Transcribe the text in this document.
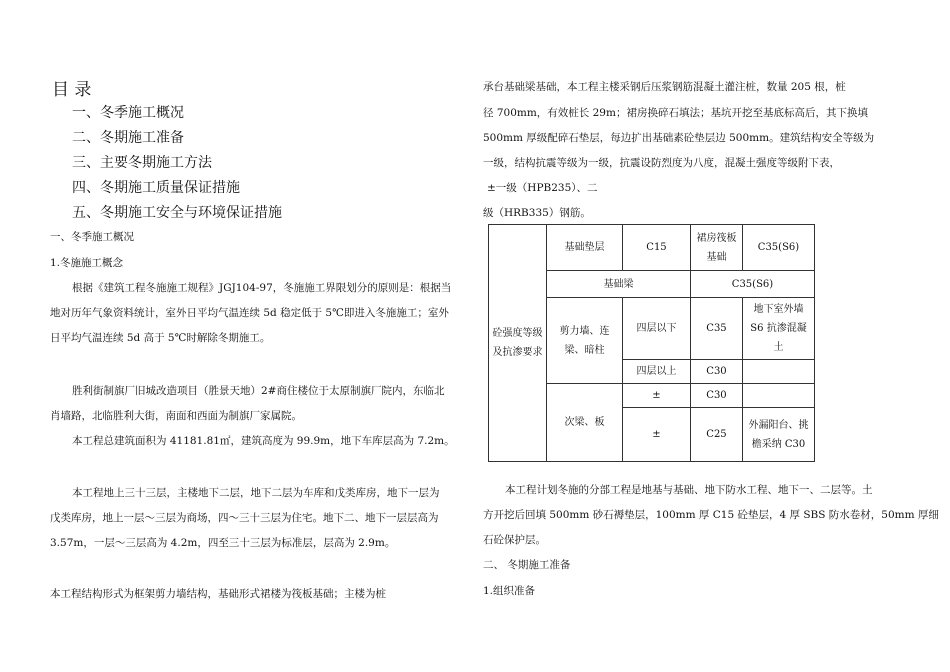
目 录
一、冬季施工概况
二、冬期施工准备
三、主要冬期施工方法
四、冬期施工质量保证措施
五、冬期施工安全与环境保证措施
一、冬季施工概况
1.冬施施工概念
根据《建筑工程冬施施工规程》JGJ104-97，冬施施工界限划分的原则是：根据当
地对历年气象资料统计，室外日平均气温连续 5d 稳定低于 5℃即进入冬施施工；室外
日平均气温连续 5d 高于 5℃时解除冬期施工。
胜利街制旗厂旧城改造项目（胜景天地）2#商住楼位于太原制旗厂院内，东临北
肖墙路，北临胜利大街，南面和西面为制旗厂家属院。
本工程总建筑面积为 41181.81㎡，建筑高度为 99.9m，地下车库层高为 7.2m。
本工程地上三十三层，主楼地下二层，地下二层为车库和戊类库房，地下一层为
戊类库房，地上一层～三层为商场，四～三十三层为住宅。地下二、地下一层层高为
3.57m，一层～三层高为 4.2m，四至三十三层为标准层，层高为 2.9m。
本工程结构形式为框架剪力墙结构，基础形式裙楼为筏板基础；主楼为桩
承台基础梁基础，本工程主楼采钢后压浆钢筋混凝土灌注桩，数量 205 根，桩
径 700mm，有效桩长 29m；裙房换碎石填法；基坑开挖至基底标高后，其下换填
500mm 厚级配碎石垫层，每边扩出基础素砼垫层边 500mm。建筑结构安全等级为
一级，结构抗震等级为一级，抗震设防烈度为八度，混凝土强度等级附下表，
±一级（HPB235）、二
级（HRB335）钢筋。
砼强度等级及抗渗要求	基础垫层	C15	裙房筏板基础	C35(S6)
	基础梁		C35(S6)	
	剪力墙、连梁、暗柱	四层以下	C35	地下室外墙 S6 抗渗混凝土
		四层以上	C30	
	次梁、板	±	C30	
		±	C25	外漏阳台、挑檐采纳 C30
本工程计划冬施的分部工程是地基与基础、地下防水工程、地下一、二层等。土
方开挖后回填 500mm 砂石褥垫层，100mm 厚 C15 砼垫层，4 厚 SBS 防水卷材，50mm 厚细
石砼保护层。
二、 冬期施工准备
1.组织准备
